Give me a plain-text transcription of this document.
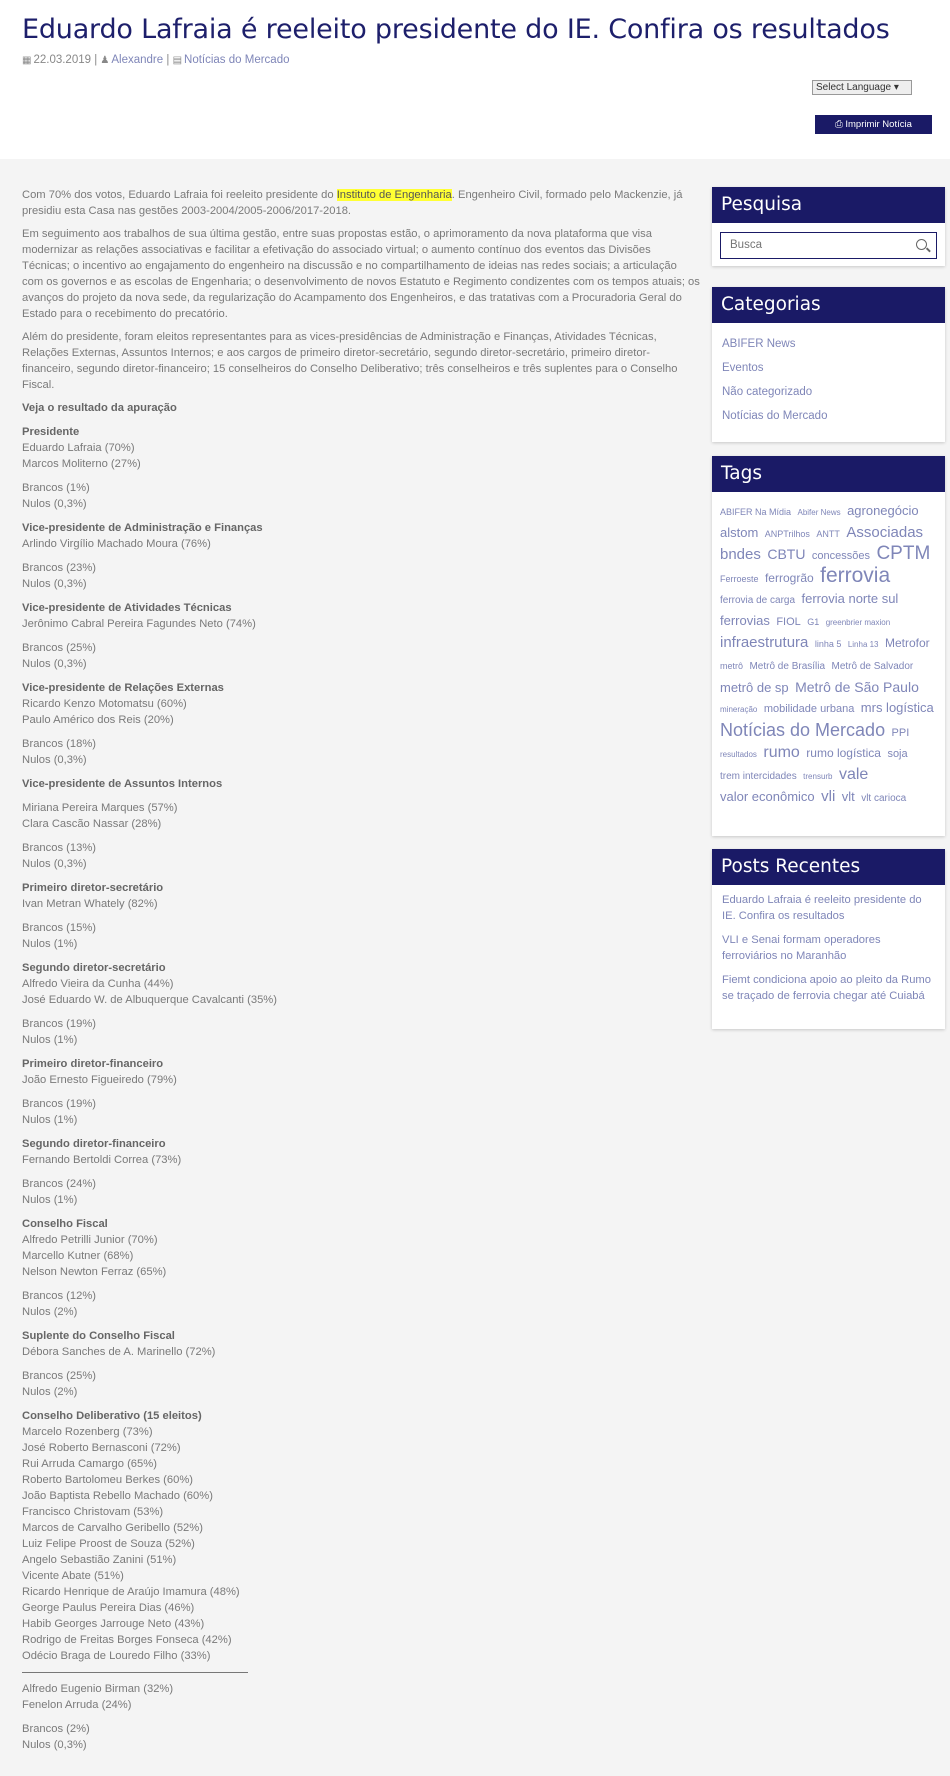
Eduardo Lafraia é reeleito presidente do IE. Confira os resultados
▦ 22.03.2019 | ♟ Alexandre | ▤ Notícias do Mercado
Select Language ▾
⎙ Imprimir Notícia

Com 70% dos votos, Eduardo Lafraia foi reeleito presidente do Instituto de Engenharia. Engenheiro Civil, formado pelo Mackenzie, já presidiu esta Casa nas gestões 2003-2004/2005-2006/2017-2018.

Em seguimento aos trabalhos de sua última gestão, entre suas propostas estão, o aprimoramento da nova plataforma que visa modernizar as relações associativas e facilitar a efetivação do associado virtual; o aumento contínuo dos eventos das Divisões Técnicas; o incentivo ao engajamento do engenheiro na discussão e no compartilhamento de ideias nas redes sociais; a articulação com os governos e as escolas de Engenharia; o desenvolvimento de novos Estatuto e Regimento condizentes com os tempos atuais; os avanços do projeto da nova sede, da regularização do Acampamento dos Engenheiros, e das tratativas com a Procuradoria Geral do Estado para o recebimento do precatório.

Além do presidente, foram eleitos representantes para as vices-presidências de Administração e Finanças, Atividades Técnicas, Relações Externas, Assuntos Internos; e aos cargos de primeiro diretor-secretário, segundo diretor-secretário, primeiro diretor-financeiro, segundo diretor-financeiro; 15 conselheiros do Conselho Deliberativo; três conselheiros e três suplentes para o Conselho Fiscal.

Veja o resultado da apuração
Presidente
Eduardo Lafraia (70%)
Marcos Moliterno (27%)
Brancos (1%)
Nulos (0,3%)
Vice-presidente de Administração e Finanças
Arlindo Virgílio Machado Moura (76%)
Brancos (23%)
Nulos (0,3%)
Vice-presidente de Atividades Técnicas
Jerônimo Cabral Pereira Fagundes Neto (74%)
Brancos (25%)
Nulos (0,3%)
Vice-presidente de Relações Externas
Ricardo Kenzo Motomatsu (60%)
Paulo Américo dos Reis (20%)
Brancos (18%)
Nulos (0,3%)
Vice-presidente de Assuntos Internos
Miriana Pereira Marques (57%)
Clara Cascão Nassar (28%)
Brancos (13%)
Nulos (0,3%)
Primeiro diretor-secretário
Ivan Metran Whately (82%)
Brancos (15%)
Nulos (1%)
Segundo diretor-secretário
Alfredo Vieira da Cunha (44%)
José Eduardo W. de Albuquerque Cavalcanti (35%)
Brancos (19%)
Nulos (1%)
Primeiro diretor-financeiro
João Ernesto Figueiredo (79%)
Brancos (19%)
Nulos (1%)
Segundo diretor-financeiro
Fernando Bertoldi Correa (73%)
Brancos (24%)
Nulos (1%)
Conselho Fiscal
Alfredo Petrilli Junior (70%)
Marcello Kutner (68%)
Nelson Newton Ferraz (65%)
Brancos (12%)
Nulos (2%)
Suplente do Conselho Fiscal
Débora Sanches de A. Marinello (72%)
Brancos (25%)
Nulos (2%)
Conselho Deliberativo (15 eleitos)
Marcelo Rozenberg (73%)
José Roberto Bernasconi (72%)
Rui Arruda Camargo (65%)
Roberto Bartolomeu Berkes (60%)
João Baptista Rebello Machado (60%)
Francisco Christovam (53%)
Marcos de Carvalho Geribello (52%)
Luiz Felipe Proost de Souza (52%)
Angelo Sebastião Zanini (51%)
Vicente Abate (51%)
Ricardo Henrique de Araújo Imamura (48%)
George Paulus Pereira Dias (46%)
Habib Georges Jarrouge Neto (43%)
Rodrigo de Freitas Borges Fonseca (42%)
Odécio Braga de Louredo Filho (33%)
Alfredo Eugenio Birman (32%)
Fenelon Arruda (24%)
Brancos (2%)
Nulos (0,3%)
Pesquisa
Busca
Categorias
ABIFER News
Eventos
Não categorizado
Notícias do Mercado
Tags
ABIFER Na Mídia Abifer News agronegócio alstom ANPTrilhos ANTT Associadas bndes CBTU concessões CPTM Ferroeste ferrogrão ferrovia ferrovia de carga ferrovia norte sul ferrovias FIOL G1 greenbrier maxion infraestrutura linha 5 Linha 13 Metrofor metrô Metrô de Brasília Metrô de Salvador metrô de sp Metrô de São Paulo mineração mobilidade urbana mrs logística Notícias do Mercado PPI resultados rumo rumo logística soja trem intercidades trensurb vale valor econômico vli vlt vlt carioca
Posts Recentes
Eduardo Lafraia é reeleito presidente do IE. Confira os resultados
VLI e Senai formam operadores ferroviários no Maranhão
Fiemt condiciona apoio ao pleito da Rumo se traçado de ferrovia chegar até Cuiabá
